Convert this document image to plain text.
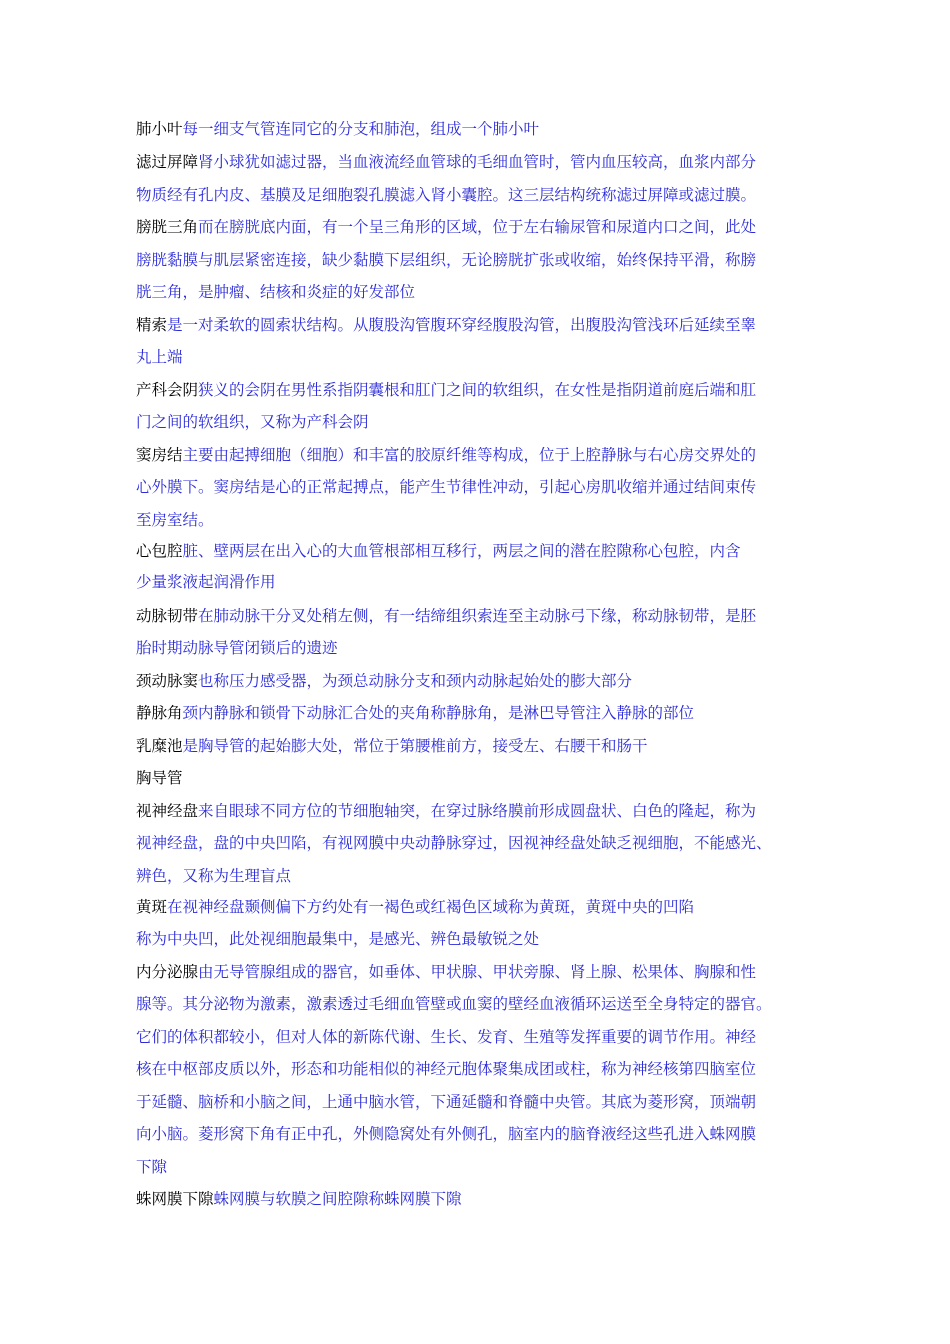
肺小叶每一细支气管连同它的分支和肺泡，组成一个肺小叶
滤过屏障肾小球犹如滤过器，当血液流经血管球的毛细血管时，管内血压较高，血浆内部分
物质经有孔内皮、基膜及足细胞裂孔膜滤入肾小囊腔。这三层结构统称滤过屏障或滤过膜。
膀胱三角而在膀胱底内面，有一个呈三角形的区域，位于左右输尿管和尿道内口之间，此处
膀胱黏膜与肌层紧密连接，缺少黏膜下层组织，无论膀胱扩张或收缩，始终保持平滑，称膀
胱三角，是肿瘤、结核和炎症的好发部位
精索是一对柔软的圆索状结构。从腹股沟管腹环穿经腹股沟管，出腹股沟管浅环后延续至睾
丸上端
产科会阴狭义的会阴在男性系指阴囊根和肛门之间的软组织，在女性是指阴道前庭后端和肛
门之间的软组织，又称为产科会阴
窦房结主要由起搏细胞（细胞）和丰富的胶原纤维等构成，位于上腔静脉与右心房交界处的
心外膜下。窦房结是心的正常起搏点，能产生节律性冲动，引起心房肌收缩并通过结间束传
至房室结。
心包腔脏、壁两层在出入心的大血管根部相互移行，两层之间的潜在腔隙称心包腔，内含
少量浆液起润滑作用
动脉韧带在肺动脉干分叉处稍左侧，有一结缔组织索连至主动脉弓下缘，称动脉韧带，是胚
胎时期动脉导管闭锁后的遗迹
颈动脉窦也称压力感受器，为颈总动脉分支和颈内动脉起始处的膨大部分
静脉角颈内静脉和锁骨下动脉汇合处的夹角称静脉角，是淋巴导管注入静脉的部位
乳糜池是胸导管的起始膨大处，常位于第腰椎前方，接受左、右腰干和肠干
胸导管
视神经盘来自眼球不同方位的节细胞轴突，在穿过脉络膜前形成圆盘状、白色的隆起，称为
视神经盘，盘的中央凹陷，有视网膜中央动静脉穿过，因视神经盘处缺乏视细胞，不能感光、
辨色，又称为生理盲点
黄斑在视神经盘颞侧偏下方约处有一褐色或红褐色区域称为黄斑，黄斑中央的凹陷
称为中央凹，此处视细胞最集中，是感光、辨色最敏锐之处
内分泌腺由无导管腺组成的器官，如垂体、甲状腺、甲状旁腺、肾上腺、松果体、胸腺和性
腺等。其分泌物为激素，激素透过毛细血管壁或血窦的壁经血液循环运送至全身特定的器官。
它们的体积都较小，但对人体的新陈代谢、生长、发育、生殖等发挥重要的调节作用。神经
核在中枢部皮质以外，形态和功能相似的神经元胞体聚集成团或柱，称为神经核第四脑室位
于延髓、脑桥和小脑之间，上通中脑水管，下通延髓和脊髓中央管。其底为菱形窝，顶端朝
向小脑。菱形窝下角有正中孔，外侧隐窝处有外侧孔，脑室内的脑脊液经这些孔进入蛛网膜
下隙
蛛网膜下隙蛛网膜与软膜之间腔隙称蛛网膜下隙
